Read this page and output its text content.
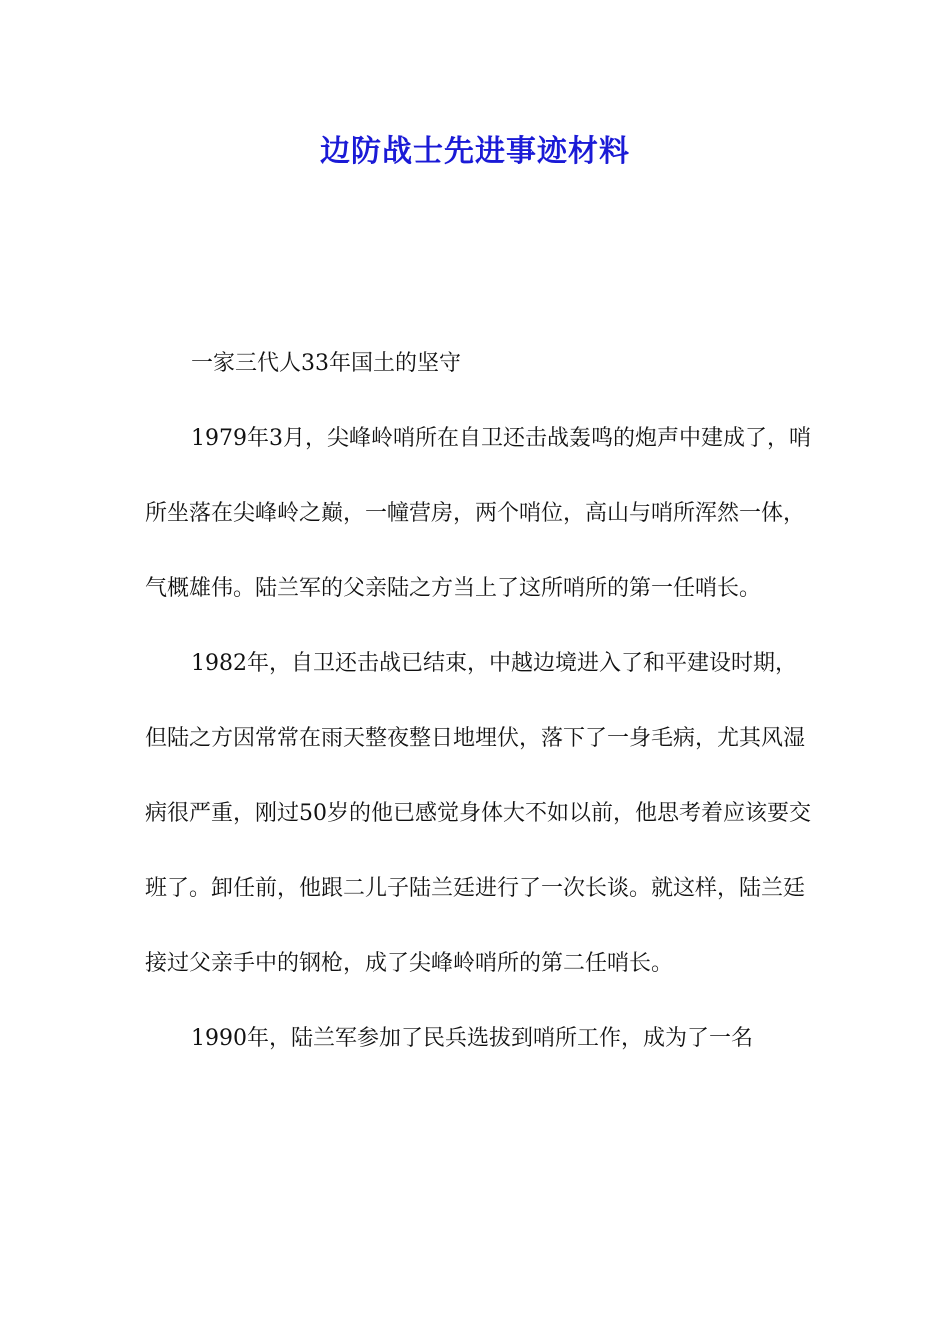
边防战士先进事迹材料

一家三代人33年国土的坚守

1979年3月，尖峰岭哨所在自卫还击战轰鸣的炮声中建成了，哨所坐落在尖峰岭之巅，一幢营房，两个哨位，高山与哨所浑然一体，气概雄伟。陆兰军的父亲陆之方当上了这所哨所的第一任哨长。

1982年，自卫还击战已结束，中越边境进入了和平建设时期，但陆之方因常常在雨天整夜整日地埋伏，落下了一身毛病，尤其风湿病很严重，刚过50岁的他已感觉身体大不如以前，他思考着应该要交班了。卸任前，他跟二儿子陆兰廷进行了一次长谈。就这样，陆兰廷接过父亲手中的钢枪，成了尖峰岭哨所的第二任哨长。

1990年，陆兰军参加了民兵选拔到哨所工作，成为了一名
